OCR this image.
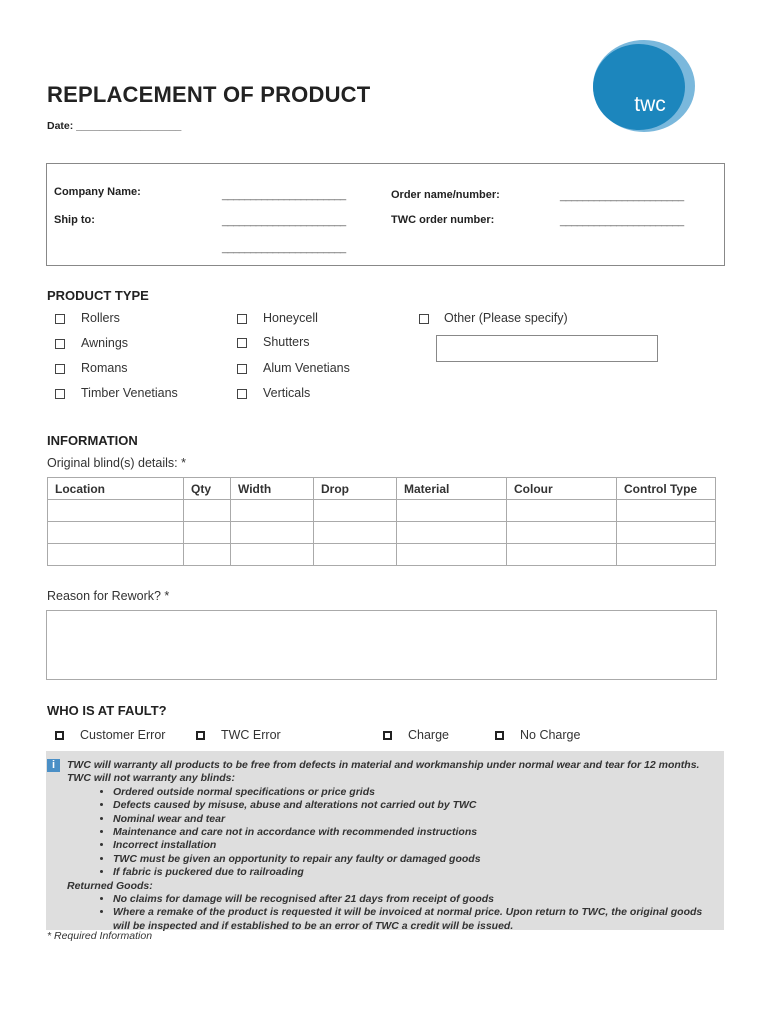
REPLACEMENT OF PRODUCT
Date: __________________
twc
Company Name:	______________________
Ship to:	______________________
______________________
Order name/number:	______________________
TWC order number:	______________________
PRODUCT TYPE
Rollers
Awnings
Romans
Timber Venetians
Honeycell
Shutters
Alum Venetians
Verticals
Other (Please specify)
INFORMATION
Original blind(s) details: *
Location	Qty	Width	Drop	Material	Colour	Control Type

Reason for Rework? *
WHO IS AT FAULT?
Customer Error	TWC Error	Charge	No Charge
i	TWC will warranty all products to be free from defects in material and workmanship under normal wear and tear for 12 months. TWC will not warranty any blinds:
• Ordered outside normal specifications or price grids
• Defects caused by misuse, abuse and alterations not carried out by TWC
• Nominal wear and tear
• Maintenance and care not in accordance with recommended instructions
• Incorrect installation
• TWC must be given an opportunity to repair any faulty or damaged goods
• If fabric is puckered due to railroading
Returned Goods:
• No claims for damage will be recognised after 21 days from receipt of goods
• Where a remake of the product is requested it will be invoiced at normal price. Upon return to TWC, the original goods will be inspected and if established to be an error of TWC a credit will be issued.
* Required Information
